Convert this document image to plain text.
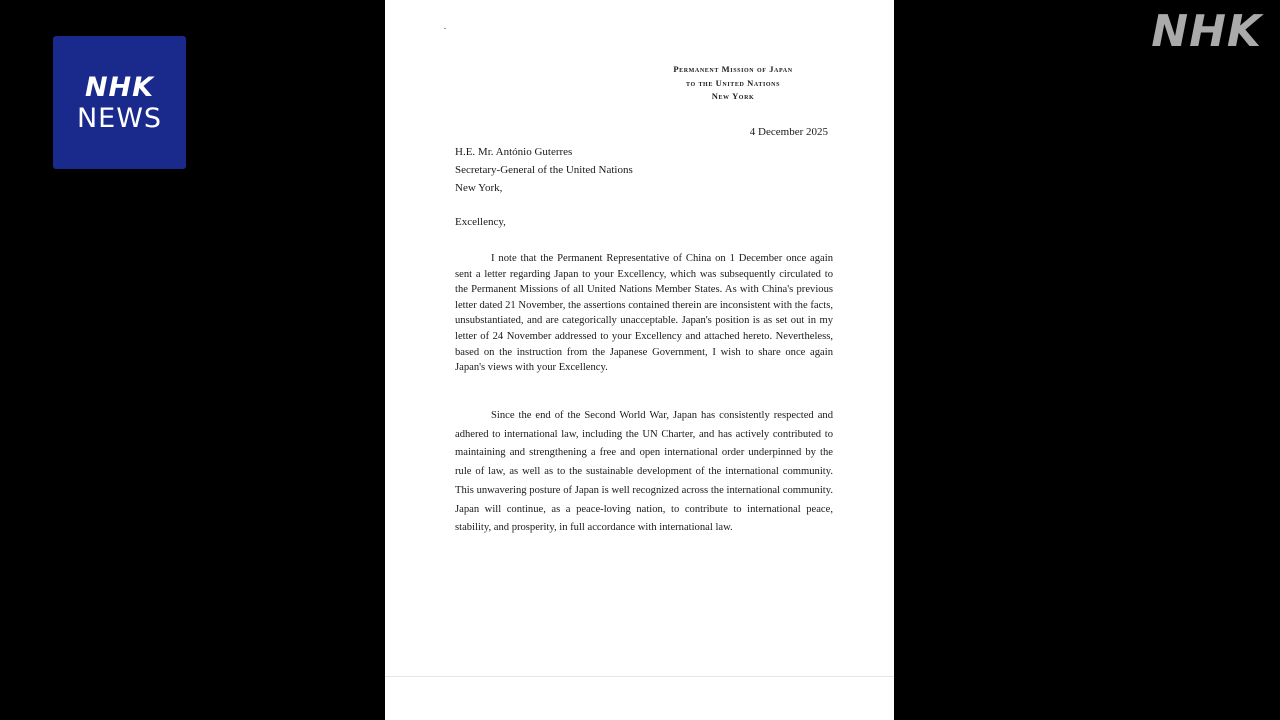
NHK
NEWS
NHK
Permanent Mission of Japan
to the United Nations
New York
4 December 2025
H.E. Mr. António Guterres
Secretary-General of the United Nations
New York,
Excellency,

I note that the Permanent Representative of China on 1 December once again sent a letter regarding Japan to your Excellency, which was subsequently circulated to the Permanent Missions of all United Nations Member States. As with China's previous letter dated 21 November, the assertions contained therein are inconsistent with the facts, unsubstantiated, and are categorically unacceptable. Japan's position is as set out in my letter of 24 November addressed to your Excellency and attached hereto. Nevertheless, based on the instruction from the Japanese Government, I wish to share once again Japan's views with your Excellency.

Since the end of the Second World War, Japan has consistently respected and adhered to international law, including the UN Charter, and has actively contributed to maintaining and strengthening a free and open international order underpinned by the rule of law, as well as to the sustainable development of the international community. This unwavering posture of Japan is well recognized across the international community. Japan will continue, as a peace-loving nation, to contribute to international peace, stability, and prosperity, in full accordance with international law.
